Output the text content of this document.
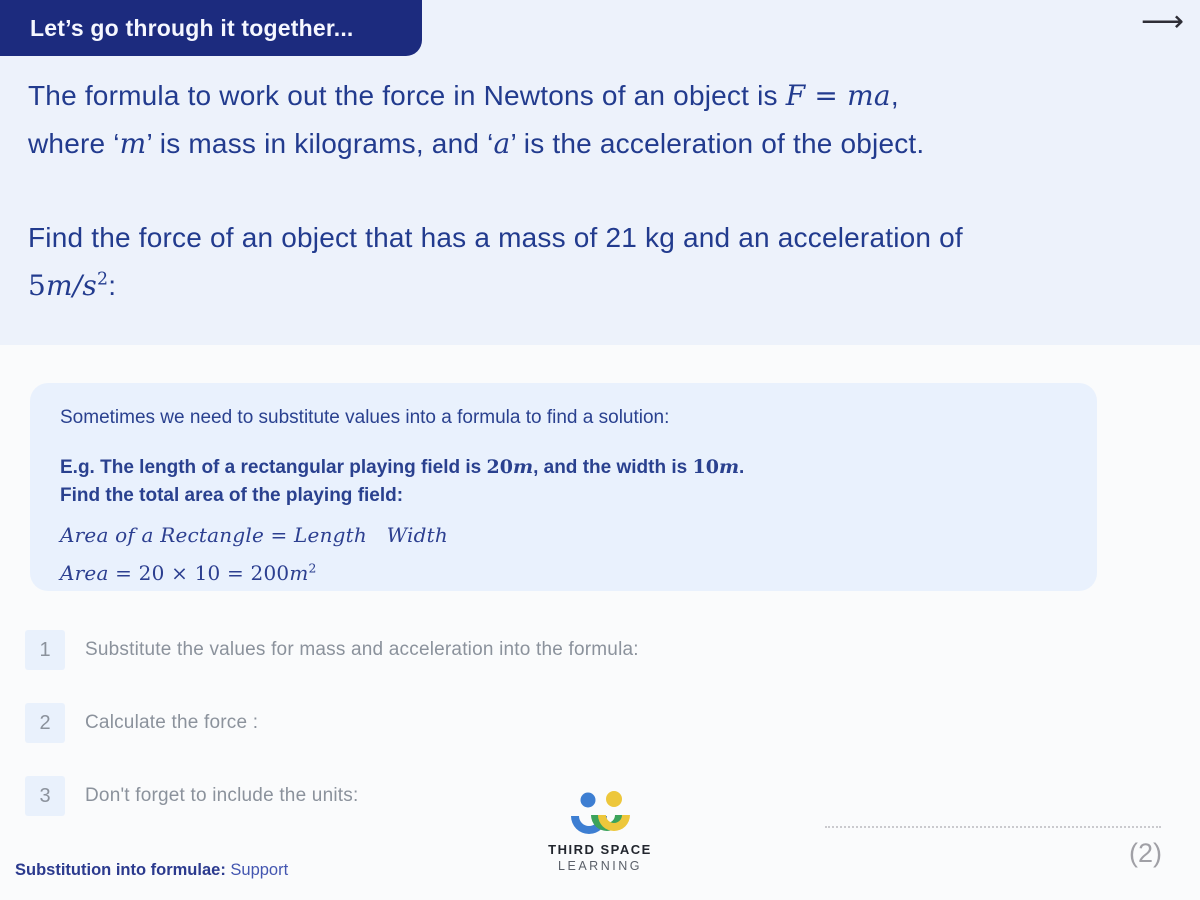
Let’s go through it together...	⟶
The formula to work out the force in Newtons of an object is F = ma,
where ‘m’ is mass in kilograms, and ‘a’ is the acceleration of the object.
Find the force of an object that has a mass of 21 kg and an acceleration of
$5m/s^2$:
Sometimes we need to substitute values into a formula to find a solution:
E.g. The length of a rectangular playing field is 20m, and the width is 10m.
Find the total area of the playing field:
Area of a Rectangle = Length   Width
Area = $20 \times 10 = 200m^2$
1	Substitute the values for mass and acceleration into the formula:
2	Calculate the force :
3	Don't forget to include the units:
THIRD SPACE
LEARNING	(2)
Substitution into formulae: Support
